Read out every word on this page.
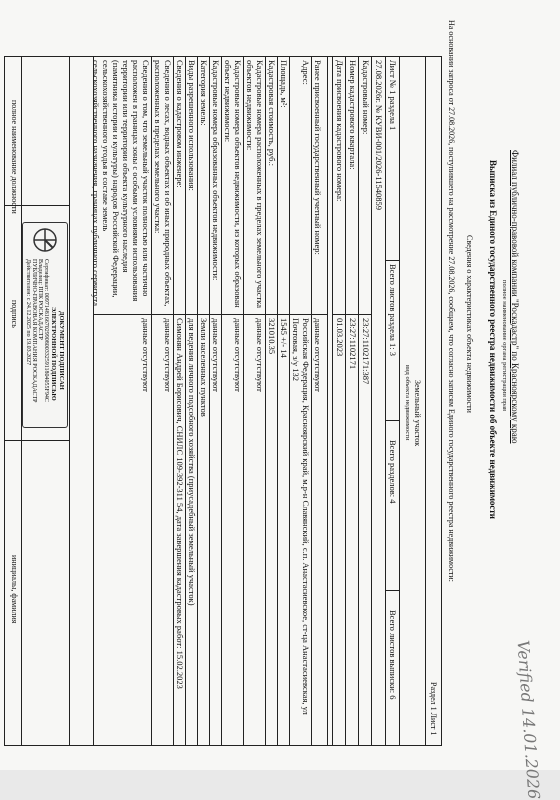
Verified 14.01.2026
Филиал публично-правовой компании "Роскадастр" по Красноярскому краю
полное наименование органа регистрации прав
Выписка из Единого государственного реестра недвижимости об объекте недвижимости
Сведения о характеристиках объекта недвижимости
На основании запроса от 27.08.2026, поступившего на рассмотрение 27.08.2026, сообщаем, что согласно записям Единого государственного реестра недвижимости:
Раздел 1 Лист 1
Земельный участок
вид объекта недвижимости
Лист № 1 раздела 1
Всего листов раздела 1: 3
Всего разделов: 4
Всего листов выписки: 6
полное наименование должности
подпись
инициалы, фамилия
ДОКУМЕНТ ПОДПИСАН
ЭЛЕКТРОННОЙ ПОДПИСЬЮ
Сертификат: 00971481667029908003325911804055F94C
Владелец: ППК РОСКАДАСТР
ПУБЛИЧНО-ПРАВОВАЯ КОМПАНИЯ РОСКАДАСТР
Действителен: с 24.12.2025 по 19.03.2027
27.08.2026г. № КУВИ-001/2026-11540859
Кадастровый номер:
23:27:1102171:387
Номер кадастрового квартала:
23:27:1102171
Дата присвоения кадастрового номера:
01.03.2023
Ранее присвоенный государственный учетный номер:
данные отсутствуют
Адрес:
Российская Федерация, Красноярский край, м.р-н Славянский, с.п. Анастасиевское, ст-ца Анастасиевская, ул Почтовая, з/у 132
Площадь, м²:
1545 +/- 14
Кадастровая стоимость, руб.:
321010.35
Кадастровые номера расположенных в пределах земельного участка объектов недвижимости:
данные отсутствуют
Кадастровые номера объектов недвижимости, из которых образован объект недвижимости:
данные отсутствуют
Кадастровые номера образованных объектов недвижимости:
данные отсутствуют
Категория земель:
Земли населенных пунктов
Виды разрешенного использования:
для ведения личного подсобного хозяйства (приусадебный земельный участок)
Сведения о кадастровом инженере:
Симонян Андрей Борисович, СНИЛС 109-392-311 54, дата завершения кадастровых работ: 15.02.2023
Сведения о лесах, водных объектах и об иных природных объектах, расположенных в пределах земельного участка:
данные отсутствуют
Сведения о том, что земельный участок полностью или частично расположен в границах зоны с особыми условиями использования территории или территории объекта культурного наследия (памятника истории и культуры) народов Российской Федерации, сельскохозяйственного угодья в составе земель сельскохозяйственного назначения, границах публичного сервитута
данные отсутствуют
